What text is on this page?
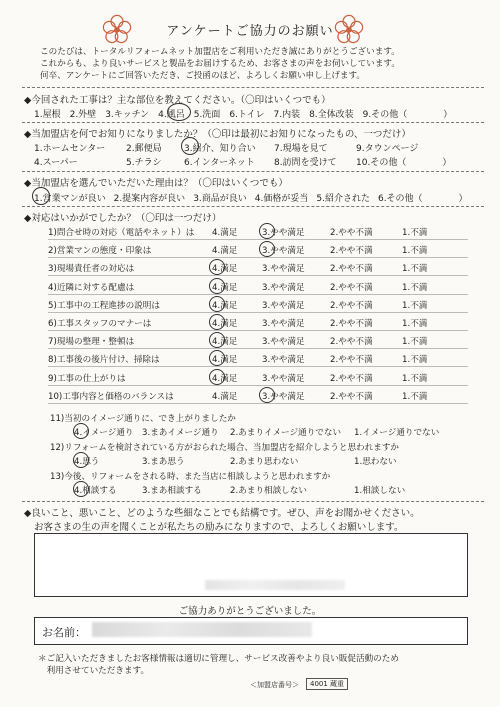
アンケートご協力のお願い
このたびは、トータルリフォームネット加盟店をご利用いただき誠にありがとうございます。
これからも、より良いサービスと製品をお届けするため、お客さまの声をお伺いしています。
何卒、アンケートにご回答いただき、ご投函のほど、よろしくお願い申し上げます。
◆今回された工事は？主な部位を教えてください。（〇印はいくつでも）
1.屋根 2.外壁 3.キッチン 4.風呂 5.洗面 6.トイレ 7.内装 8.全体改装 9.その他（　　　　）
◆当加盟店を何でお知りになりましたか？（〇印は最初にお知りになったもの、一つだけ）
1.ホームセンター 2.郵便局 3.紹介、知り合い 7.現場を見て	9.タウンページ
4.スーパー	5.チラシ 6.インターネット 8.訪問を受けて 10.その他（　　　　）
◆当加盟店を選んでいただいた理由は？（〇印はいくつでも）
1.営業マンが良い 2.提案内容が良い 3.商品が良い 4.価格が妥当 5.紹介された 6.その他（　　　　）
◆対応はいかがでしたか？（〇印は一つだけ）
1)問合せ時の対応（電話やネット）は 4.満足	3.やや満足	2.やや不満	1.不満
2)営業マンの態度・印象は	4.満足	3.やや満足	2.やや不満	1.不満
3)現場責任者の対応は	4.満足	3.やや満足	2.やや不満	1.不満
4)近隣に対する配慮は	4.満足	3.やや満足	2.やや不満	1.不満
5)工事中の工程進捗の説明は	4.満足	3.やや満足	2.やや不満	1.不満
6)工事スタッフのマナーは	4.満足	3.やや満足	2.やや不満	1.不満
7)現場の整理・整頓は	4.満足	3.やや満足	2.やや不満	1.不満
8)工事後の後片付け、掃除は	4.満足	3.やや満足	2.やや不満	1.不満
9)工事の仕上がりは	4.満足	3.やや満足	2.やや不満	1.不満
10)工事内容と価格のバランスは	4.満足	3.やや満足	2.やや不満	1.不満
11)当初のイメージ通りに、でき上がりましたか
4.イメージ通り 3.まあイメージ通り 2.あまりイメージ通りでない 1.イメージ通りでない
12)リフォームを検討されている方がおられた場合、当加盟店を紹介しようと思われますか
4.思う	3.まあ思う	2.あまり思わない	1.思わない
13)今後、リフォームをされる時、また当店に相談しようと思われますか
4.相談する	3.まあ相談する	2.あまり相談しない	1.相談しない
◆良いこと、悪いこと、どのような些細なことでも結構です。ぜひ、声をお聞かせください。
お客さまの生の声を聞くことが私たちの励みになりますので、よろしくお願いします。
ご協力ありがとうございました。
お名前：
＊ご記入いただきましたお客様情報は適切に管理し、サービス改善やより良い販促活動のため
　利用させていただきます。
＜加盟店番号＞	4001 蔵重
